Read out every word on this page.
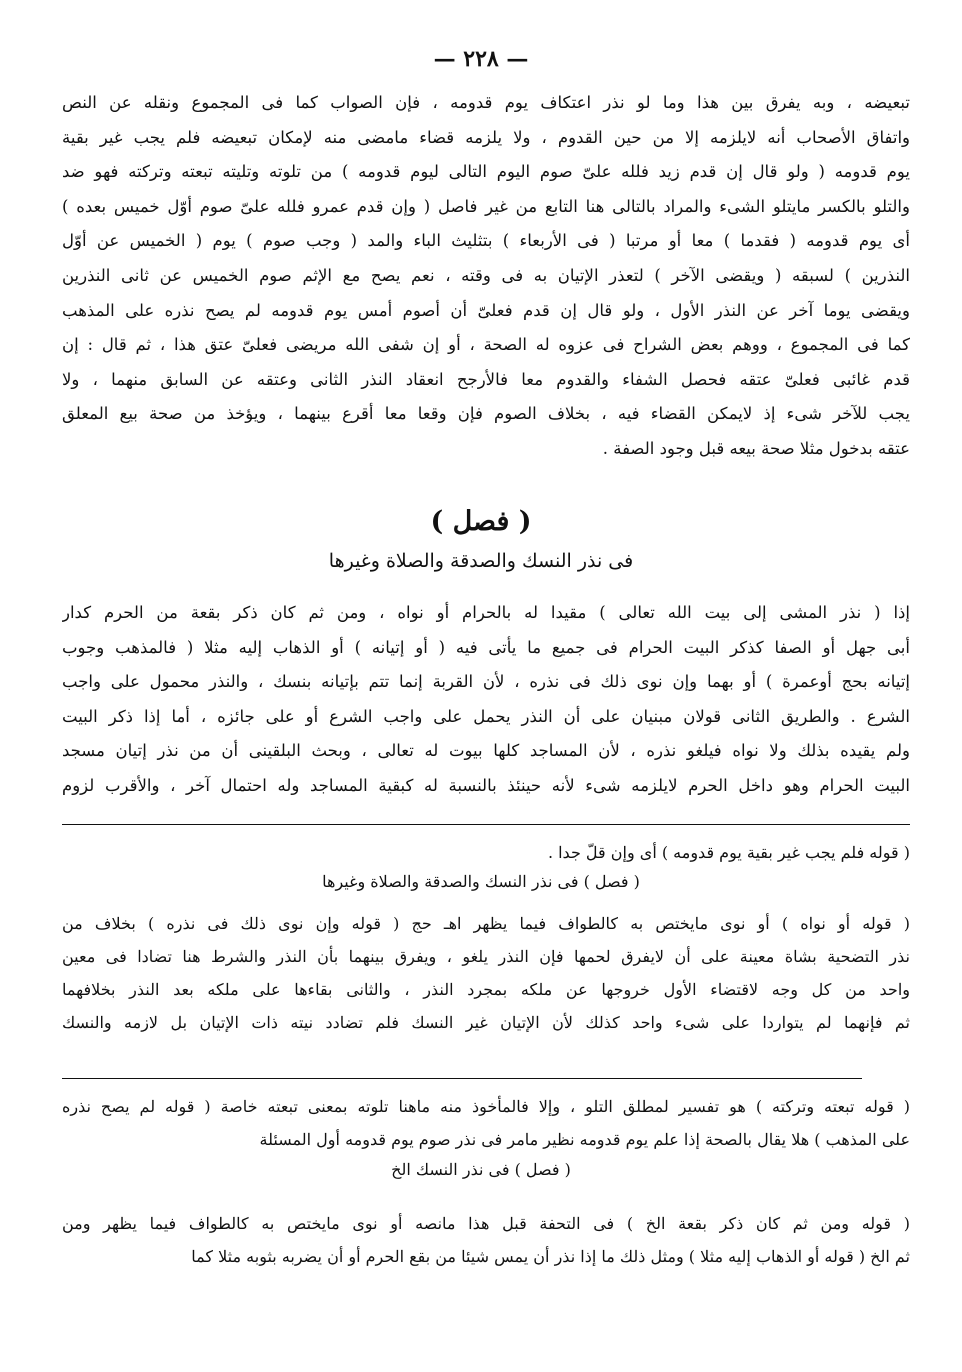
— ٢٢٨ —
تبعيضه ، وبه يفرق بين هذا وما لو نذر اعتكاف يوم قدومه ، فإن الصواب كما فى المجموع ونقله عن النص
واتفاق الأصحاب أنه لايلزمه إلا من حين القدوم ، ولا يلزمه قضاء مامضى منه لإمكان تبعيضه فلم يجب غير بقية
يوم قدومه ( ولو قال إن قدم زيد فلله علىّ صوم اليوم التالى ليوم قدومه ) من تلوته وتليته تبعته وتركته فهو ضد
والتلو بالكسر مايتلو الشىء والمراد بالتالى هنا التابع من غير فاصل ( وإن قدم عمرو فلله علىّ صوم أوّل خميس بعده )
أى يوم قدومه ( فقدما ) معا أو مرتبا ( فى الأربعاء ) بتثليث الباء والمد ( وجب صوم ) يوم ( الخميس عن أوّل
النذرين ) لسبقه ( ويقضى الآخر ) لتعذر الإتيان به فى وقته ، نعم يصح مع الإثم صوم الخميس عن ثانى النذرين
ويقضى يوما آخر عن النذر الأول ، ولو قال إن قدم فعلىّ أن أصوم أمس يوم قدومه لم يصح نذره على المذهب
كما فى المجموع ، ووهم بعض الشراح فى عزوه له الصحة ، أو إن شفى الله مريضى فعلىّ عتق هذا ، ثم قال : إن
قدم غائبى فعلىّ عتقه فحصل الشفاء والقدوم معا فالأرجح انعقاد النذر الثانى وعتقه عن السابق منهما ، ولا
يجب للآخر شىء إذ لايمكن القضاء فيه ، بخلاف الصوم فإن وقعا معا أقرع بينهما ، ويؤخذ من صحة بيع المعلق
عتقه بدخول مثلا صحة بيعه قبل وجود الصفة .
( فصل )
فى نذر النسك والصدقة والصلاة وغيرها
إذا ( نذر المشى إلى بيت الله تعالى ) مقيدا له بالحرام أو نواه ، ومن ثم كان ذكر بقعة من الحرم كدار
أبى جهل أو الصفا كذكر البيت الحرام فى جميع ما يأتى فيه ( أو إتيانه ) أو الذهاب إليه مثلا ( فالمذهب وجوب
إتيانه بحج أوعمرة ) أو بهما وإن نوى ذلك فى نذره ، لأن القربة إنما تتم بإتيانه بنسك ، والنذر محمول على واجب
الشرع . والطريق الثانى قولان مبنيان على أن النذر يحمل على واجب الشرع أو على جائزه ، أما إذا ذكر البيت
ولم يقيده بذلك ولا نواه فيلغو نذره ، لأن المساجد كلها بيوت له تعالى ، وبحث البلقينى أن من نذر إتيان مسجد
البيت الحرام وهو داخل الحرم لايلزمه شىء لأنه حينئذ بالنسبة له كبقية المساجد وله احتمال آخر ، والأقرب لزوم
( قوله فلم يجب غير بقية يوم قدومه ) أى وإن قلّ جدا .
( فصل ) فى نذر النسك والصدقة والصلاة وغيرها
( قوله أو نواه ) أو نوى مايختص به كالطواف فيما يظهر اهـ حج ( قوله وإن نوى ذلك فى نذره ) بخلاف من
نذر التضحية بشاة معينة على أن لايفرق لحمها فإن النذر يلغو ، ويفرق بينهما بأن النذر والشرط هنا تضادا فى معين
واحد من كل وجه لاقتضاء الأول خروجها عن ملكه بمجرد النذر ، والثانى بقاءها على ملكه بعد النذر بخلافهما
ثم فإنهما لم يتواردا على شىء واحد كذلك لأن الإتيان غير النسك فلم تضادد نيته ذات الإتيان بل لازمه والنسك
( قوله تبعته وتركته ) هو تفسير لمطلق التلو ، وإلا فالمأخوذ منه ماهنا تلوته بمعنى تبعته خاصة ( قوله لم يصح نذره
على المذهب ) هلا يقال بالصحة إذا علم يوم قدومه نظير مامر فى نذر صوم يوم قدومه أول المسئلة
( فصل ) فى نذر النسك الخ
( قوله ومن ثم كان ذكر بقعة الخ ) فى التحفة قبل هذا مانصه أو نوى مايختص به كالطواف فيما يظهر ومن
ثم الخ ( قوله أو الذهاب إليه مثلا ) ومثل ذلك ما إذا نذر أن يمس شيئا من بقع الحرم أو أن يضربه بثوبه مثلا كما
